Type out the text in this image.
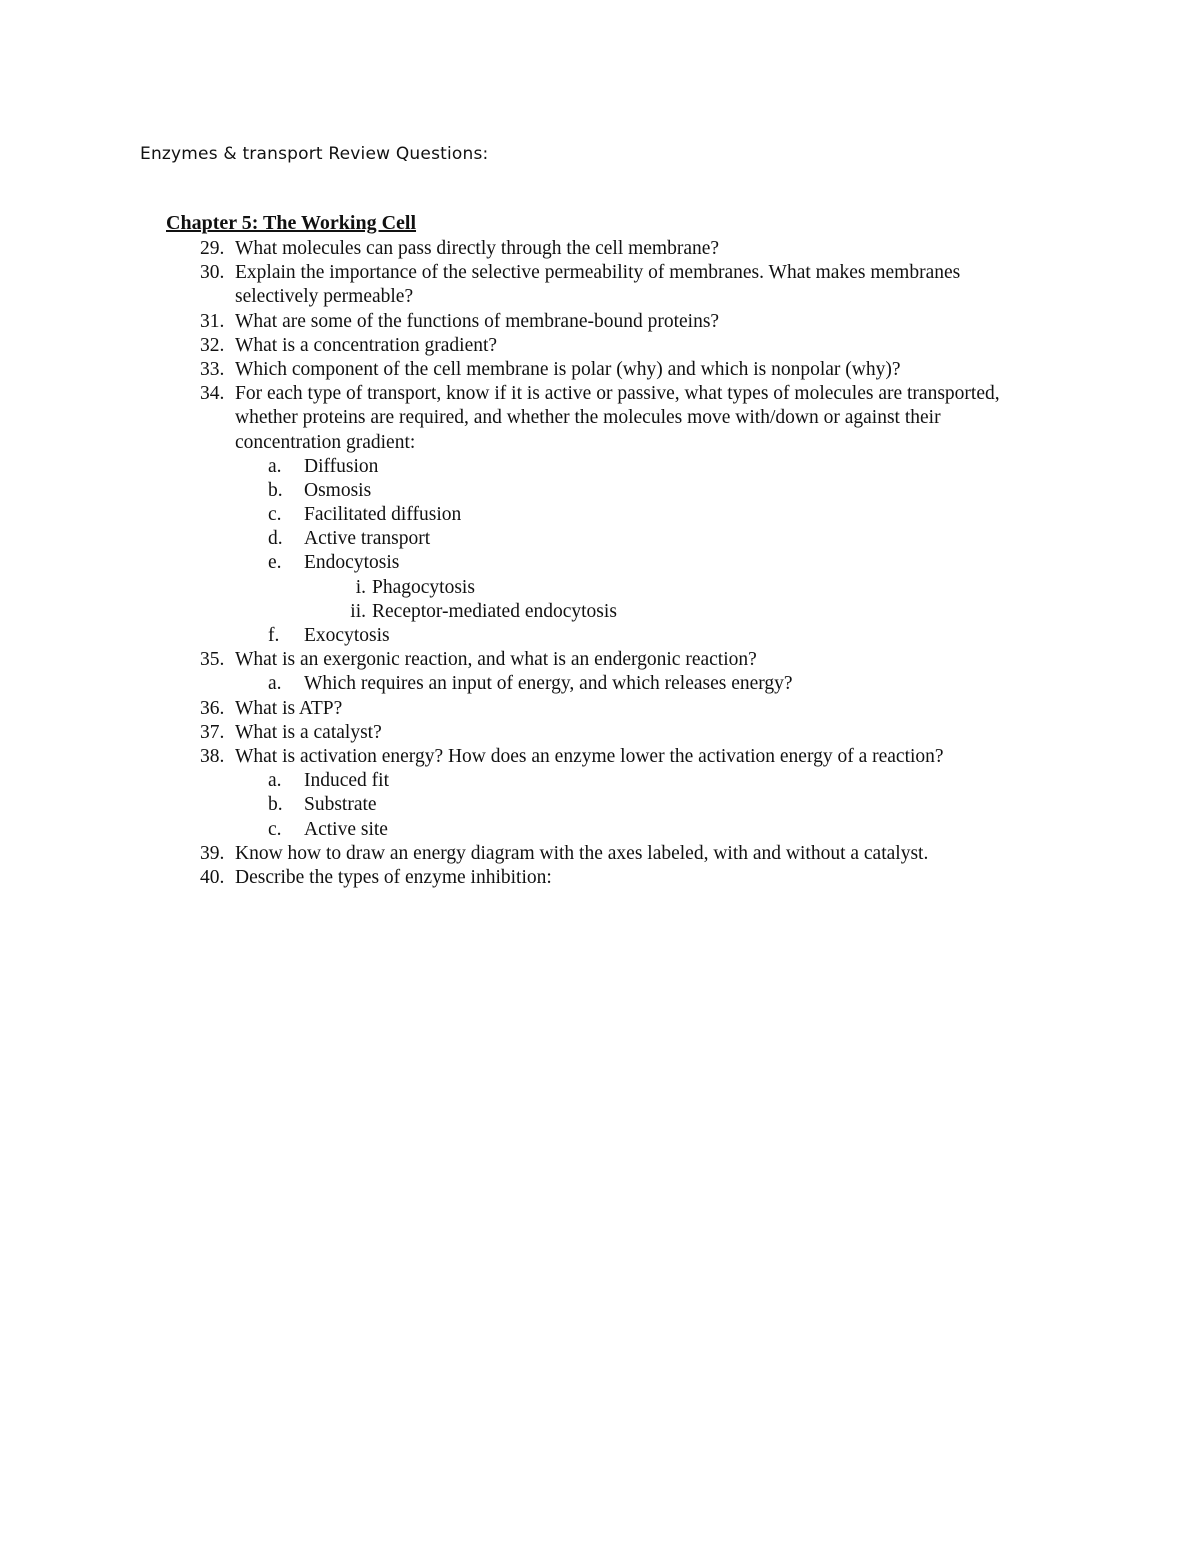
Enzymes & transport Review Questions:
Chapter 5: The Working Cell
29. What molecules can pass directly through the cell membrane?
30. Explain the importance of the selective permeability of membranes. What makes membranes
selectively permeable?
31. What are some of the functions of membrane-bound proteins?
32. What is a concentration gradient?
33. Which component of the cell membrane is polar (why) and which is nonpolar (why)?
34. For each type of transport, know if it is active or passive, what types of molecules are transported,
whether proteins are required, and whether the molecules move with/down or against their
concentration gradient:
a.	Diffusion
b.	Osmosis
c.	Facilitated diffusion
d.	Active transport
e.	Endocytosis
i. Phagocytosis
ii. Receptor-mediated endocytosis
f.	Exocytosis
35. What is an exergonic reaction, and what is an endergonic reaction?
a.	Which requires an input of energy, and which releases energy?
36. What is ATP?
37. What is a catalyst?
38. What is activation energy? How does an enzyme lower the activation energy of a reaction?
a.	Induced fit
b.	Substrate
c.	Active site
39. Know how to draw an energy diagram with the axes labeled, with and without a catalyst.
40. Describe the types of enzyme inhibition:
